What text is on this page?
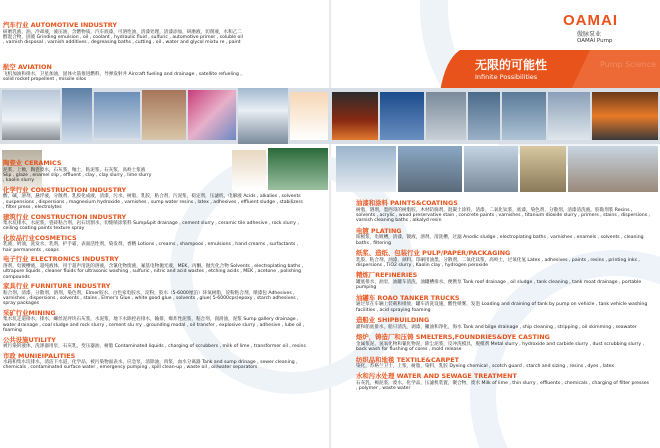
OAMAI
傲脉泵业
OAMAI Pump
无限的可能性
Infinite Possibilities
Pump Science
汽车行业 AUTOMOTIVE INDUSTRY
研磨乳液，油，冷却液，液压油，含燃物质，汽车底漆，可溶性油，清漆处理，清漆添加，研磨液，切削液，水和乙二醇混合物，固液 Grinding emulsion , oil , coolant , hydraulic fluid , sulfuric , automotive primer , soluble oil , varnish disposal , varnish additives , degreasing baths , cutting , oil , water and glycol mixtu re , paint
航空 AVIATION
飞机加油和排水，卫星加油，固体火箭推进燃料，导弹发射井 Aircraft fueling and drainage , satellite refueling , solid rocket propellent , missile silos
陶瓷业 CERAMICS
泥浆，上釉，陶瓷废水，石灰浆，釉土，粘泥浆，石灰浆，高岭土浆液 Slip , glaze , enamel slip , effluent , clay , clay slurry , lime slurry , kaolin slurry
化学行业 CONSTRUCTION INDUSTRY
酸，碱，溶剂，悬浮液，分散剂，乳胶化成液，清漆，污水，树脂，乳胶，粘合剂，污泥浆，稳定剂，压滤机，电解液 Acids , alkalies , solvents , suspensions , dispersions , magnesium hydroxide , varnishes , sump water resins , latex , adhesives , effluent sludge , stabilizers , filter press , electrolytes
建筑行业 CONSTRUCTION INDUSTRY
集水坑排水，水泥浆，瓷砖粘合剂，岩石切割水，切缝喷涂浆料 Sump&pit drainage , cement slurry , ceramic tile adhesive , rock slurry , ceiling coating paints texture spray
化妆品行业COSMETICS
乳液，奶油，洗发水，乳剂，护手霜，表面活性剂，染发剂，香精 Lotions , creams , shampoos , emulsions , hand creams , surfactants , hair permanents , soaps
电子行业 ELECTRONICS INDUSTRY
溶剂，电镀槽液，超纯液体，用于超声清洗的溶液，含氰化物废液，氟基电物抛光液，MEK，丙酮，抛光化合物 Solvents , electroplating baths , ultrapure liquids , cleaner fluids for ultrasonic washing , sulfuric , nitric and acid wastes , etching acids , MEK , acetone , polishing compounds
家具行业 FURNITURE INDUSTRY
粘合剂，清漆，分散剂，溶剂，染色剂，Elmer胶水，白色家电胶水，淀粉，胶水（5-6000厘泊）环氧树脂，淀粉粘合剂，喷漆包 Adhesives , varnishes , dispersions , solvents , stains , Elmer's Glue , white good glue , solvents , glue( 5-6000cps)epoxy , starch adhesives , spray packages
采矿行业MINING
集水坑走道排水，排水，螺丝泥坪块石灰浆，水泥浆，地下水除控岩排水，输排，爆炸性泥浆，粘合剂，润滑油，泥浆 Sump gallery drainage , water drainage , coal sludge and rock slurry , cement slu rry , grounding modal , oil transfer , explosive slurry , adhesive , lube oil , foaming
公共设施UTILITY
被污染的液体，洗涤器用泵，石灰乳，变压器油，树脂 Contaminated liquids , charging of scrubbers , milk of lime , transformer oil , resins
市政 MUNIEIPALITIES
水箱和集水坑排水，清洁下水道，化学品，被污染物面表水，应急泵，清除油，肉浆，血水分离器 Tank and sump drinage , sewer cleaning , chemicals , contaminated surface water , emergency pumping , spill clean-up , waste oil , oil/water separators
油漆和涂料 PAINTS&COATINGS
树脂，溶剂，墨西哥的树脂胶，木材防腐剂，混凝土涂料，清漆，二氧化钛浆，底漆，染色剂，分散剂，清漆清洗液，胶黏剂浆 Resins , solvents , acrylic , wood preservative stain , concrete paints , varnishes , titanium dioxide slurry , primers , stains , dispersions , varnish cleaning baths , alkalyd resin
电镀 PLATING
阳极浆，电镀槽，清漆，镀液，溶剂，清洗槽，过滤 Anodic sludge , electroplating baths , varnishes , enamels , solvents , cleaning baths , filtering
纸浆、造纸、包装行业 PULP/PAPER/PACKAGING
乳胶，粘合剂，油漆，颜料，印刷用油墨，分散剂，二氧化钛浆，高岭土，过氧化氢 Latex , adhesives , paints , resins , printing inks , dispersions , TiO2 slurry , Kaolin clay , hydrogen peroxide
精炼厂REFINERIES
罐底排水，油泵，油罐车清洗，油罐槽排水，便携泵 Tank roof drainage , oil sludge , tank cleaning , tank moat drainage , portable pumping
油罐车 ROAO TANKER TRUCKS
通过泵在车辆上装载和排放，罐车清洗设施，酸性喷雾，发泡 Loading and draining of tank by pump on vehicle , tank vehicle washing facilities , acid spraying foaming
造船业 SHIPBUILDING
灌和船底排水，船只清洗，剥漆，撇油和净化，海水 Tank and bilge drainage , ship cleaning , stripping , oil skimming , seawater
熔炉，铸造厂和压铸 SMELTERS,FOUNDRIES&DYE CASTING
金属浆泥，氢氧化物和氰化物泥，除尘泥浆，反冲洗模具，脱模剂 Metal slurry , hydroxide and carbide slurry , dust scrubbing slurry , back wash for flushing of cores , mold release
纺织品和地毯 TEXTILE&CARPET
染化，苏格兰卫士，上浆，树脂，染料，乳胶 Dyeing chemical , scotch guard , starch and sizing , resins , dyes , latex
水和污水处理 WATER AND SEWAGE TREATMENT
石灰乳，褐泥浆，废水，化学品，压滤机装置，聚合物，废水 Milk of lime , thin slurry , effluents , chemicals , charging of filter presses , polymer , waste water
